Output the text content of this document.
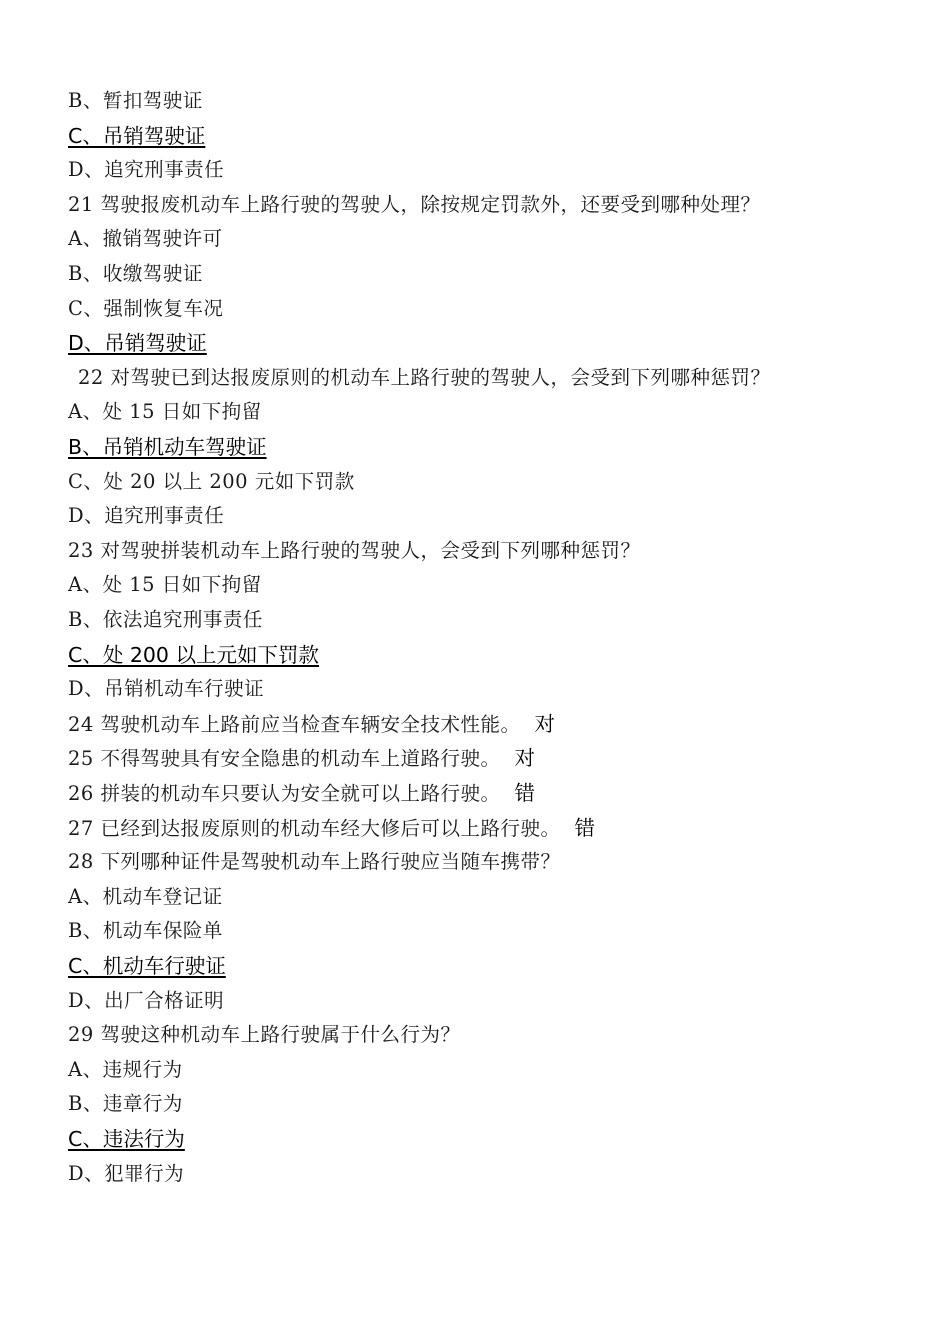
B、暂扣驾驶证
C、吊销驾驶证
D、追究刑事责任
21 驾驶报废机动车上路行驶的驾驶人，除按规定罚款外，还要受到哪种处理？
A、撤销驾驶许可
B、收缴驾驶证
C、强制恢复车况
D、吊销驾驶证
22 对驾驶已到达报废原则的机动车上路行驶的驾驶人，会受到下列哪种惩罚？
A、处 15 日如下拘留
B、吊销机动车驾驶证
C、处 20 以上 200 元如下罚款
D、追究刑事责任
23 对驾驶拼装机动车上路行驶的驾驶人，会受到下列哪种惩罚？
A、处 15 日如下拘留
B、依法追究刑事责任
C、处 200 以上元如下罚款
D、吊销机动车行驶证
24 驾驶机动车上路前应当检查车辆安全技术性能。 对
25 不得驾驶具有安全隐患的机动车上道路行驶。 对
26 拼装的机动车只要认为安全就可以上路行驶。 错
27 已经到达报废原则的机动车经大修后可以上路行驶。 错
28 下列哪种证件是驾驶机动车上路行驶应当随车携带？
A、机动车登记证
B、机动车保险单
C、机动车行驶证
D、出厂合格证明
29 驾驶这种机动车上路行驶属于什么行为？
A、违规行为
B、违章行为
C、违法行为
D、犯罪行为
